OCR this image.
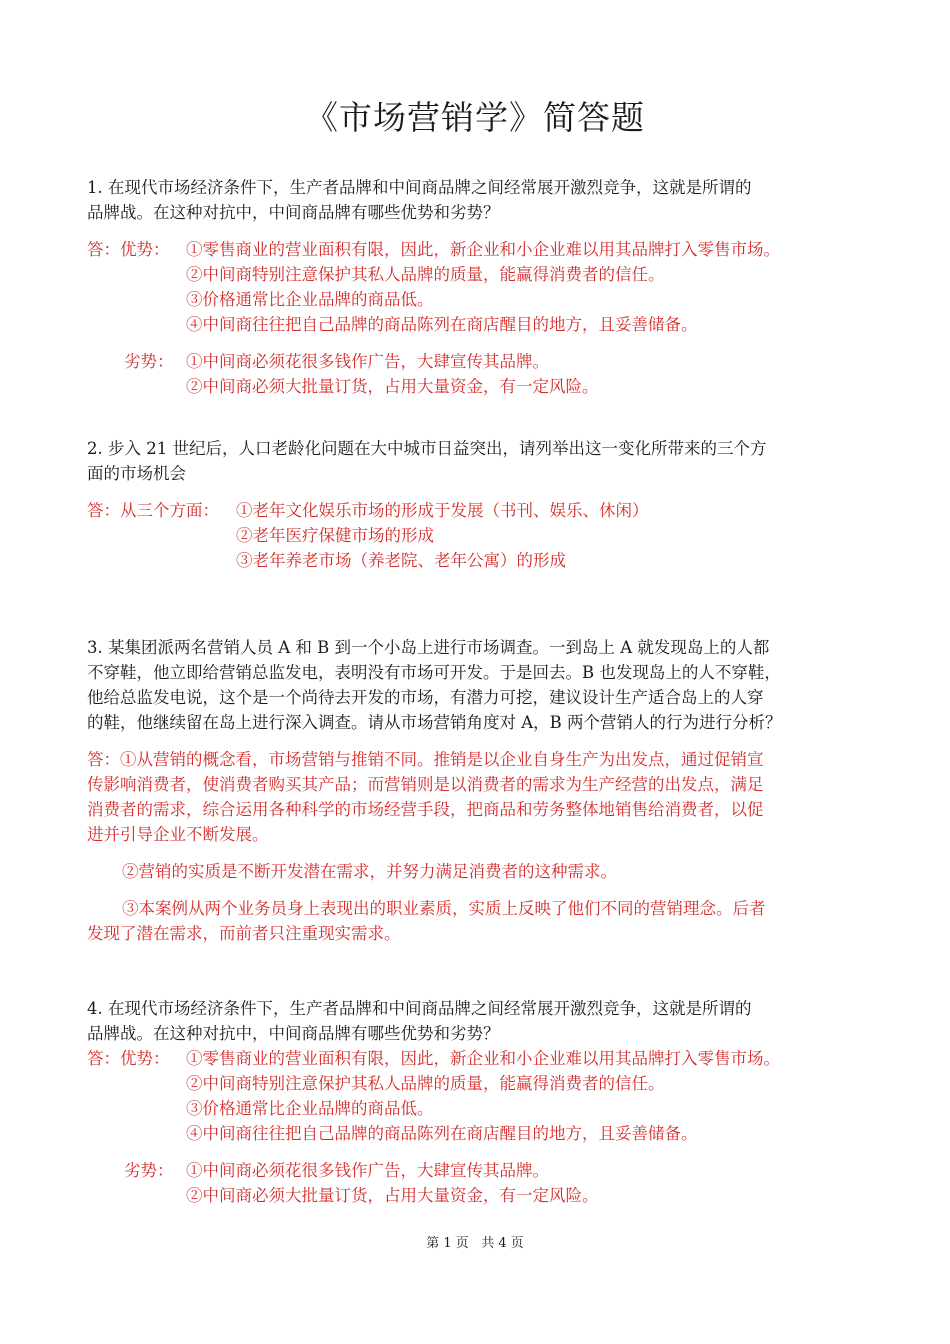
《市场营销学》简答题
1. 在现代市场经济条件下，生产者品牌和中间商品牌之间经常展开激烈竞争，这就是所谓的
品牌战。在这种对抗中，中间商品牌有哪些优势和劣势？
答：优势： ①零售商业的营业面积有限，因此，新企业和小企业难以用其品牌打入零售市场。
②中间商特别注意保护其私人品牌的质量，能赢得消费者的信任。
③价格通常比企业品牌的商品低。
④中间商往往把自己品牌的商品陈列在商店醒目的地方，且妥善储备。
劣势： ①中间商必须花很多钱作广告，大肆宣传其品牌。
②中间商必须大批量订货，占用大量资金，有一定风险。
2. 步入 21 世纪后，人口老龄化问题在大中城市日益突出，请列举出这一变化所带来的三个方
面的市场机会
答：从三个方面： ①老年文化娱乐市场的形成于发展（书刊、娱乐、休闲）
②老年医疗保健市场的形成
③老年养老市场（养老院、老年公寓）的形成
3. 某集团派两名营销人员 A 和 B 到一个小岛上进行市场调查。一到岛上 A 就发现岛上的人都
不穿鞋，他立即给营销总监发电，表明没有市场可开发。于是回去。B 也发现岛上的人不穿鞋，
他给总监发电说，这个是一个尚待去开发的市场，有潜力可挖，建议设计生产适合岛上的人穿
的鞋，他继续留在岛上进行深入调查。请从市场营销角度对 A，B 两个营销人的行为进行分析？
答：①从营销的概念看，市场营销与推销不同。推销是以企业自身生产为出发点，通过促销宣
传影响消费者，使消费者购买其产品；而营销则是以消费者的需求为生产经营的出发点，满足
消费者的需求，综合运用各种科学的市场经营手段，把商品和劳务整体地销售给消费者，以促
进并引导企业不断发展。
②营销的实质是不断开发潜在需求，并努力满足消费者的这种需求。
③本案例从两个业务员身上表现出的职业素质，实质上反映了他们不同的营销理念。后者
发现了潜在需求，而前者只注重现实需求。
4. 在现代市场经济条件下，生产者品牌和中间商品牌之间经常展开激烈竞争，这就是所谓的
品牌战。在这种对抗中，中间商品牌有哪些优势和劣势？
答：优势： ①零售商业的营业面积有限，因此，新企业和小企业难以用其品牌打入零售市场。
②中间商特别注意保护其私人品牌的质量，能赢得消费者的信任。
③价格通常比企业品牌的商品低。
④中间商往往把自己品牌的商品陈列在商店醒目的地方，且妥善储备。
劣势： ①中间商必须花很多钱作广告，大肆宣传其品牌。
②中间商必须大批量订货，占用大量资金，有一定风险。
第 1 页   共 4 页
